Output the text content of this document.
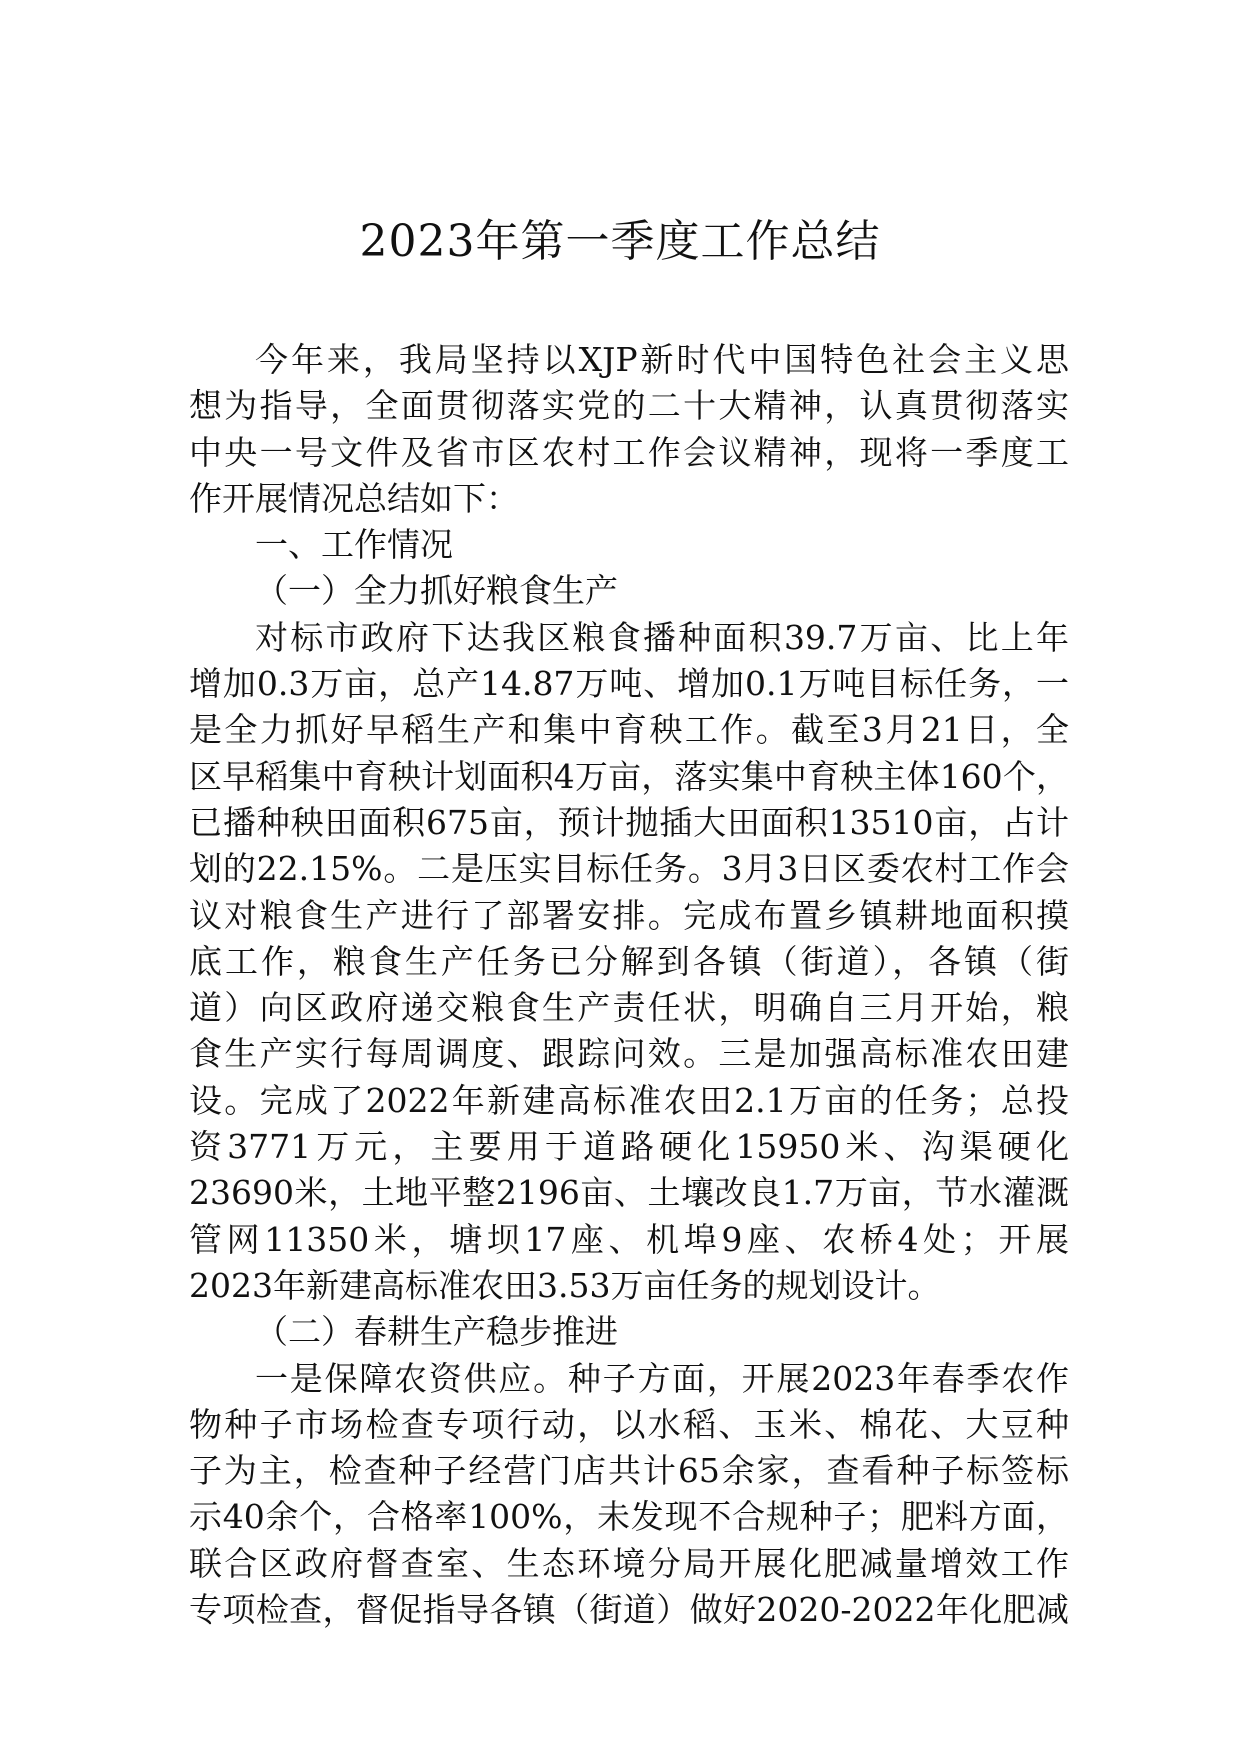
2023年第一季度工作总结
今年来，我局坚持以XJP新时代中国特色社会主义思
想为指导，全面贯彻落实党的二十大精神，认真贯彻落实
中央一号文件及省市区农村工作会议精神，现将一季度工
作开展情况总结如下：
一、工作情况
（一）全力抓好粮食生产
对标市政府下达我区粮食播种面积39.7万亩、比上年
增加0.3万亩，总产14.87万吨、增加0.1万吨目标任务，一
是全力抓好早稻生产和集中育秧工作。截至3月21日，全
区早稻集中育秧计划面积4万亩，落实集中育秧主体160个，
已播种秧田面积675亩，预计抛插大田面积13510亩，占计
划的22.15%。二是压实目标任务。3月3日区委农村工作会
议对粮食生产进行了部署安排。完成布置乡镇耕地面积摸
底工作，粮食生产任务已分解到各镇（街道），各镇（街
道）向区政府递交粮食生产责任状，明确自三月开始，粮
食生产实行每周调度、跟踪问效。三是加强高标准农田建
设。完成了2022年新建高标准农田2.1万亩的任务；总投
资3771万元，主要用于道路硬化15950米、沟渠硬化
23690米，土地平整2196亩、土壤改良1.7万亩，节水灌溉
管网11350米，塘坝17座、机埠9座、农桥4处；开展
2023年新建高标准农田3.53万亩任务的规划设计。
（二）春耕生产稳步推进
一是保障农资供应。种子方面，开展2023年春季农作
物种子市场检查专项行动，以水稻、玉米、棉花、大豆种
子为主，检查种子经营门店共计65余家，查看种子标签标
示40余个，合格率100%，未发现不合规种子；肥料方面，
联合区政府督查室、生态环境分局开展化肥减量增效工作
专项检查，督促指导各镇（街道）做好2020-2022年化肥减
